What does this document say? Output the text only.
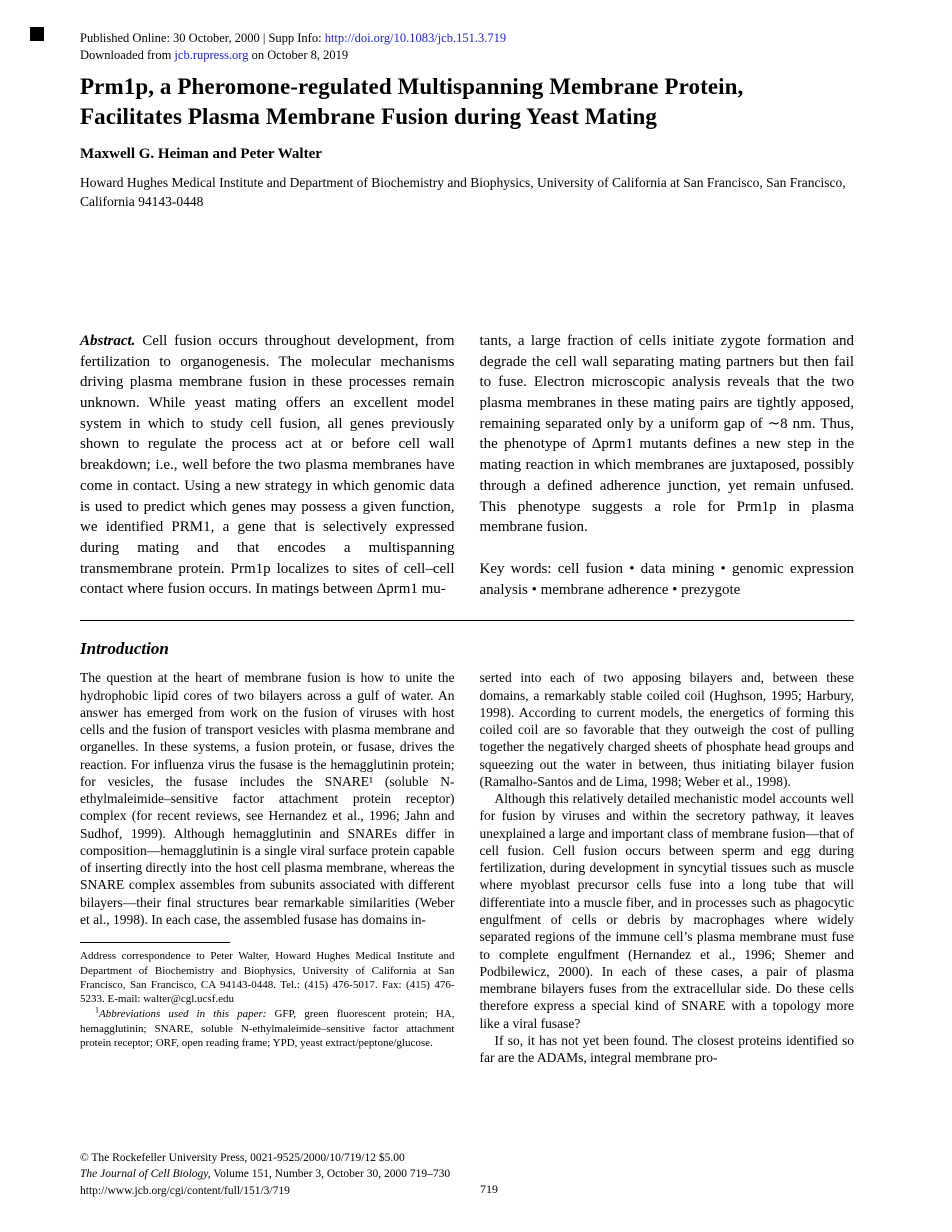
Published Online: 30 October, 2000 | Supp Info: http://doi.org/10.1083/jcb.151.3.719
Downloaded from jcb.rupress.org on October 8, 2019
Prm1p, a Pheromone-regulated Multispanning Membrane Protein,
Facilitates Plasma Membrane Fusion during Yeast Mating
Maxwell G. Heiman and Peter Walter
Howard Hughes Medical Institute and Department of Biochemistry and Biophysics, University of California at San Francisco, San Francisco, California 94143-0448

Abstract. Cell fusion occurs throughout development, from fertilization to organogenesis. The molecular mechanisms driving plasma membrane fusion in these processes remain unknown. While yeast mating offers an excellent model system in which to study cell fusion, all genes previously shown to regulate the process act at or before cell wall breakdown; i.e., well before the two plasma membranes have come in contact. Using a new strategy in which genomic data is used to predict which genes may possess a given function, we identified PRM1, a gene that is selectively expressed during mating and that encodes a multispanning transmembrane protein. Prm1p localizes to sites of cell–cell contact where fusion occurs. In matings between Δprm1 mu-

tants, a large fraction of cells initiate zygote formation and degrade the cell wall separating mating partners but then fail to fuse. Electron microscopic analysis reveals that the two plasma membranes in these mating pairs are tightly apposed, remaining separated only by a uniform gap of ∼8 nm. Thus, the phenotype of Δprm1 mutants defines a new step in the mating reaction in which membranes are juxtaposed, possibly through a defined adherence junction, yet remain unfused. This phenotype suggests a role for Prm1p in plasma membrane fusion.

Key words: cell fusion • data mining • genomic expression analysis • membrane adherence • prezygote

Introduction

The question at the heart of membrane fusion is how to unite the hydrophobic lipid cores of two bilayers across a gulf of water. An answer has emerged from work on the fusion of viruses with host cells and the fusion of transport vesicles with plasma membrane and organelles. In these systems, a fusion protein, or fusase, drives the reaction. For influenza virus the fusase is the hemagglutinin protein; for vesicles, the fusase includes the SNARE¹ (soluble N-ethylmaleimide–sensitive factor attachment protein receptor) complex (for recent reviews, see Hernandez et al., 1996; Jahn and Sudhof, 1999). Although hemagglutinin and SNAREs differ in composition—hemagglutinin is a single viral surface protein capable of inserting directly into the host cell plasma membrane, whereas the SNARE complex assembles from subunits associated with different bilayers—their final structures bear remarkable similarities (Weber et al., 1998). In each case, the assembled fusase has domains in-

Address correspondence to Peter Walter, Howard Hughes Medical Institute and Department of Biochemistry and Biophysics, University of California at San Francisco, San Francisco, CA 94143-0448. Tel.: (415) 476-5017. Fax: (415) 476-5233. E-mail: walter@cgl.ucsf.edu

$^1$Abbreviations used in this paper: GFP, green fluorescent protein; HA, hemagglutinin; SNARE, soluble N-ethylmaleimide–sensitive factor attachment protein receptor; ORF, open reading frame; YPD, yeast extract/peptone/glucose.

serted into each of two apposing bilayers and, between these domains, a remarkably stable coiled coil (Hughson, 1995; Harbury, 1998). According to current models, the energetics of forming this coiled coil are so favorable that they outweigh the cost of pulling together the negatively charged sheets of phosphate head groups and squeezing out the water in between, thus initiating bilayer fusion (Ramalho-Santos and de Lima, 1998; Weber et al., 1998).

Although this relatively detailed mechanistic model accounts well for fusion by viruses and within the secretory pathway, it leaves unexplained a large and important class of membrane fusion—that of cell fusion. Cell fusion occurs between sperm and egg during fertilization, during development in syncytial tissues such as muscle where myoblast precursor cells fuse into a long tube that will differentiate into a muscle fiber, and in processes such as phagocytic engulfment of cells or debris by macrophages where widely separated regions of the immune cell’s plasma membrane must fuse to complete engulfment (Hernandez et al., 1996; Shemer and Podbilewicz, 2000). In each of these cases, a pair of plasma membrane bilayers fuses from the extracellular side. Do these cells therefore express a special kind of SNARE with a topology more like a viral fusase?

If so, it has not yet been found. The closest proteins identified so far are the ADAMs, integral membrane pro-

© The Rockefeller University Press, 0021-9525/2000/10/719/12 $5.00
The Journal of Cell Biology, Volume 151, Number 3, October 30, 2000 719–730
http://www.jcb.org/cgi/content/full/151/3/719	719
